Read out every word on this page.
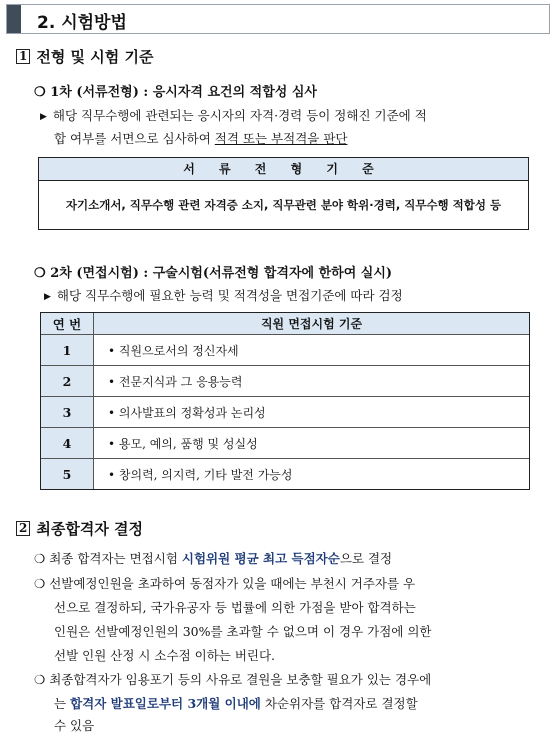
2. 시험방법
1 전형 및 시험 기준
❍ 1차 (서류전형) : 응시자격 요건의 적합성 심사
▶ 해당 직무수행에 관련되는 응시자의 자격·경력 등이 정해진 기준에 적
합 여부를 서면으로 심사하여 적격 또는 부적격을 판단
서 류 전 형 기 준
자기소개서, 직무수행 관련 자격증 소지, 직무관련 분야 학위·경력, 직무수행 적합성 등
❍ 2차 (면접시험) : 구술시험(서류전형 합격자에 한하여 실시)
▶ 해당 직무수행에 필요한 능력 및 적격성을 면접기준에 따라 검정
연 번	직원 면접시험 기준
1	• 직원으로서의 정신자세
2	• 전문지식과 그 응용능력
3	• 의사발표의 정확성과 논리성
4	• 용모, 예의, 품행 및 성실성
5	• 창의력, 의지력, 기타 발전 가능성
2 최종합격자 결정
❍ 최종 합격자는 면접시험 시험위원 평균 최고 득점자순으로 결정
❍ 선발예정인원을 초과하여 동점자가 있을 때에는 부천시 거주자를 우
선으로 결정하되, 국가유공자 등 법률에 의한 가점을 받아 합격하는
인원은 선발예정인원의 30%를 초과할 수 없으며 이 경우 가점에 의한
선발 인원 산정 시 소수점 이하는 버린다.
❍ 최종합격자가 임용포기 등의 사유로 결원을 보충할 필요가 있는 경우에
는 합격자 발표일로부터 3개월 이내에 차순위자를 합격자로 결정할
수 있음
